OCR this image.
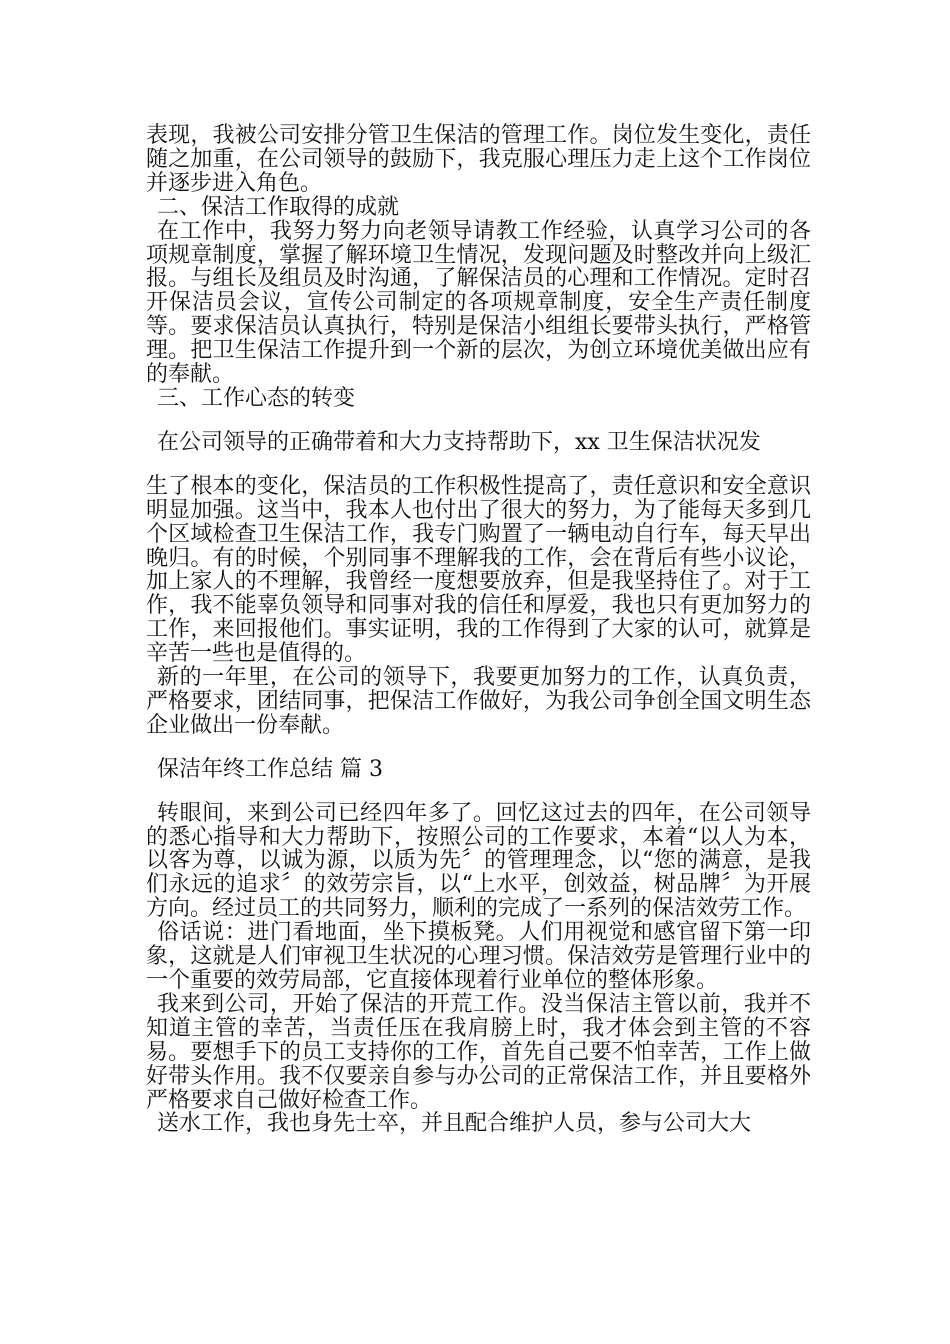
表现，我被公司安排分管卫生保洁的管理工作。岗位发生变化，责任随之加重，在公司领导的鼓励下，我克服心理压力走上这个工作岗位并逐步进入角色。

二、保洁工作取得的成就

在工作中，我努力努力向老领导请教工作经验，认真学习公司的各项规章制度，掌握了解环境卫生情况，发现问题及时整改并向上级汇报。与组长及组员及时沟通，了解保洁员的心理和工作情况。定时召开保洁员会议，宣传公司制定的各项规章制度，安全生产责任制度等。要求保洁员认真执行，特别是保洁小组组长要带头执行，严格管理。把卫生保洁工作提升到一个新的层次，为创立环境优美做出应有的奉献。

三、工作心态的转变

在公司领导的正确带着和大力支持帮助下，xx 卫生保洁状况发

生了根本的变化，保洁员的工作积极性提高了，责任意识和安全意识明显加强。这当中，我本人也付出了很大的努力，为了能每天多到几个区域检查卫生保洁工作，我专门购置了一辆电动自行车，每天早出晚归。有的时候，个别同事不理解我的工作，会在背后有些小议论，加上家人的不理解，我曾经一度想要放弃，但是我坚持住了。对于工作，我不能辜负领导和同事对我的信任和厚爱，我也只有更加努力的工作，来回报他们。事实证明，我的工作得到了大家的认可，就算是辛苦一些也是值得的。

新的一年里，在公司的领导下，我要更加努力的工作，认真负责，严格要求，团结同事，把保洁工作做好，为我公司争创全国文明生态企业做出一份奉献。

保洁年终工作总结 篇 3

转眼间，来到公司已经四年多了。回忆这过去的四年，在公司领导的悉心指导和大力帮助下，按照公司的工作要求，本着“以人为本，以客为尊，以诚为源，以质为先〞的管理理念，以“您的满意，是我们永远的追求〞的效劳宗旨，以“上水平，创效益，树品牌〞为开展方向。经过员工的共同努力，顺利的完成了一系列的保洁效劳工作。

俗话说：进门看地面，坐下摸板凳。人们用视觉和感官留下第一印象，这就是人们审视卫生状况的心理习惯。保洁效劳是管理行业中的一个重要的效劳局部，它直接体现着行业单位的整体形象。

我来到公司，开始了保洁的开荒工作。没当保洁主管以前，我并不知道主管的幸苦，当责任压在我肩膀上时，我才体会到主管的不容易。要想手下的员工支持你的工作，首先自己要不怕幸苦，工作上做好带头作用。我不仅要亲自参与办公司的正常保洁工作，并且要格外严格要求自己做好检查工作。

送水工作，我也身先士卒，并且配合维护人员，参与公司大大
